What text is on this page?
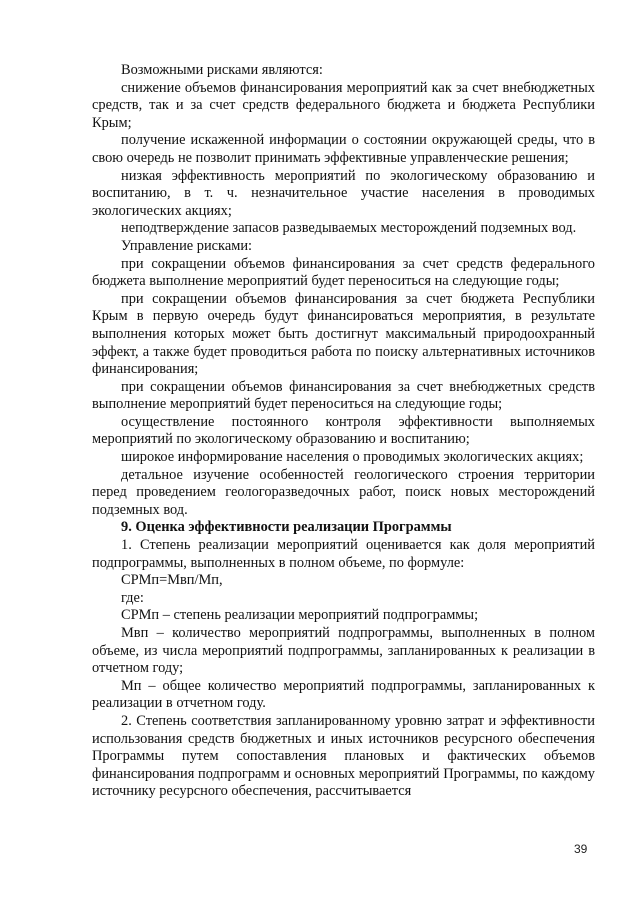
Возможными рисками являются:

снижение объемов финансирования мероприятий как за счет внебюджетных средств, так и за счет средств федерального бюджета и бюджета Республики Крым;

получение искаженной информации о состоянии окружающей среды, что в свою очередь не позволит принимать эффективные управленческие решения;

низкая эффективность мероприятий по экологическому образованию и воспитанию, в т. ч. незначительное участие населения в проводимых экологических акциях;

неподтверждение запасов разведываемых месторождений подземных вод.

Управление рисками:

при сокращении объемов финансирования за счет средств федерального бюджета выполнение мероприятий будет переноситься на следующие годы;

при сокращении объемов финансирования за счет бюджета Республики Крым в первую очередь будут финансироваться мероприятия, в результате выполнения которых может быть достигнут максимальный природоохранный эффект, а также будет проводиться работа по поиску альтернативных источников финансирования;

при сокращении объемов финансирования за счет внебюджетных средств выполнение мероприятий будет переноситься на следующие годы;

осуществление постоянного контроля эффективности выполняемых мероприятий по экологическому образованию и воспитанию;

широкое информирование населения о проводимых экологических акциях;

детальное изучение особенностей геологического строения территории перед проведением геологоразведочных работ, поиск новых месторождений подземных вод.

9. Оценка эффективности реализации Программы

1. Степень реализации мероприятий оценивается как доля мероприятий подпрограммы, выполненных в полном объеме, по формуле:

СРМп=Мвп/Мп,

где:

СРМп – степень реализации мероприятий подпрограммы;

Мвп – количество мероприятий подпрограммы, выполненных в полном объеме, из числа мероприятий подпрограммы, запланированных к реализации в отчетном году;

Мп – общее количество мероприятий подпрограммы, запланированных к реализации в отчетном году.

2. Степень соответствия запланированному уровню затрат и эффективности использования средств бюджетных и иных источников ресурсного обеспечения Программы путем сопоставления плановых и фактических объемов финансирования подпрограмм и основных мероприятий Программы, по каждому источнику ресурсного обеспечения, рассчитывается

39
